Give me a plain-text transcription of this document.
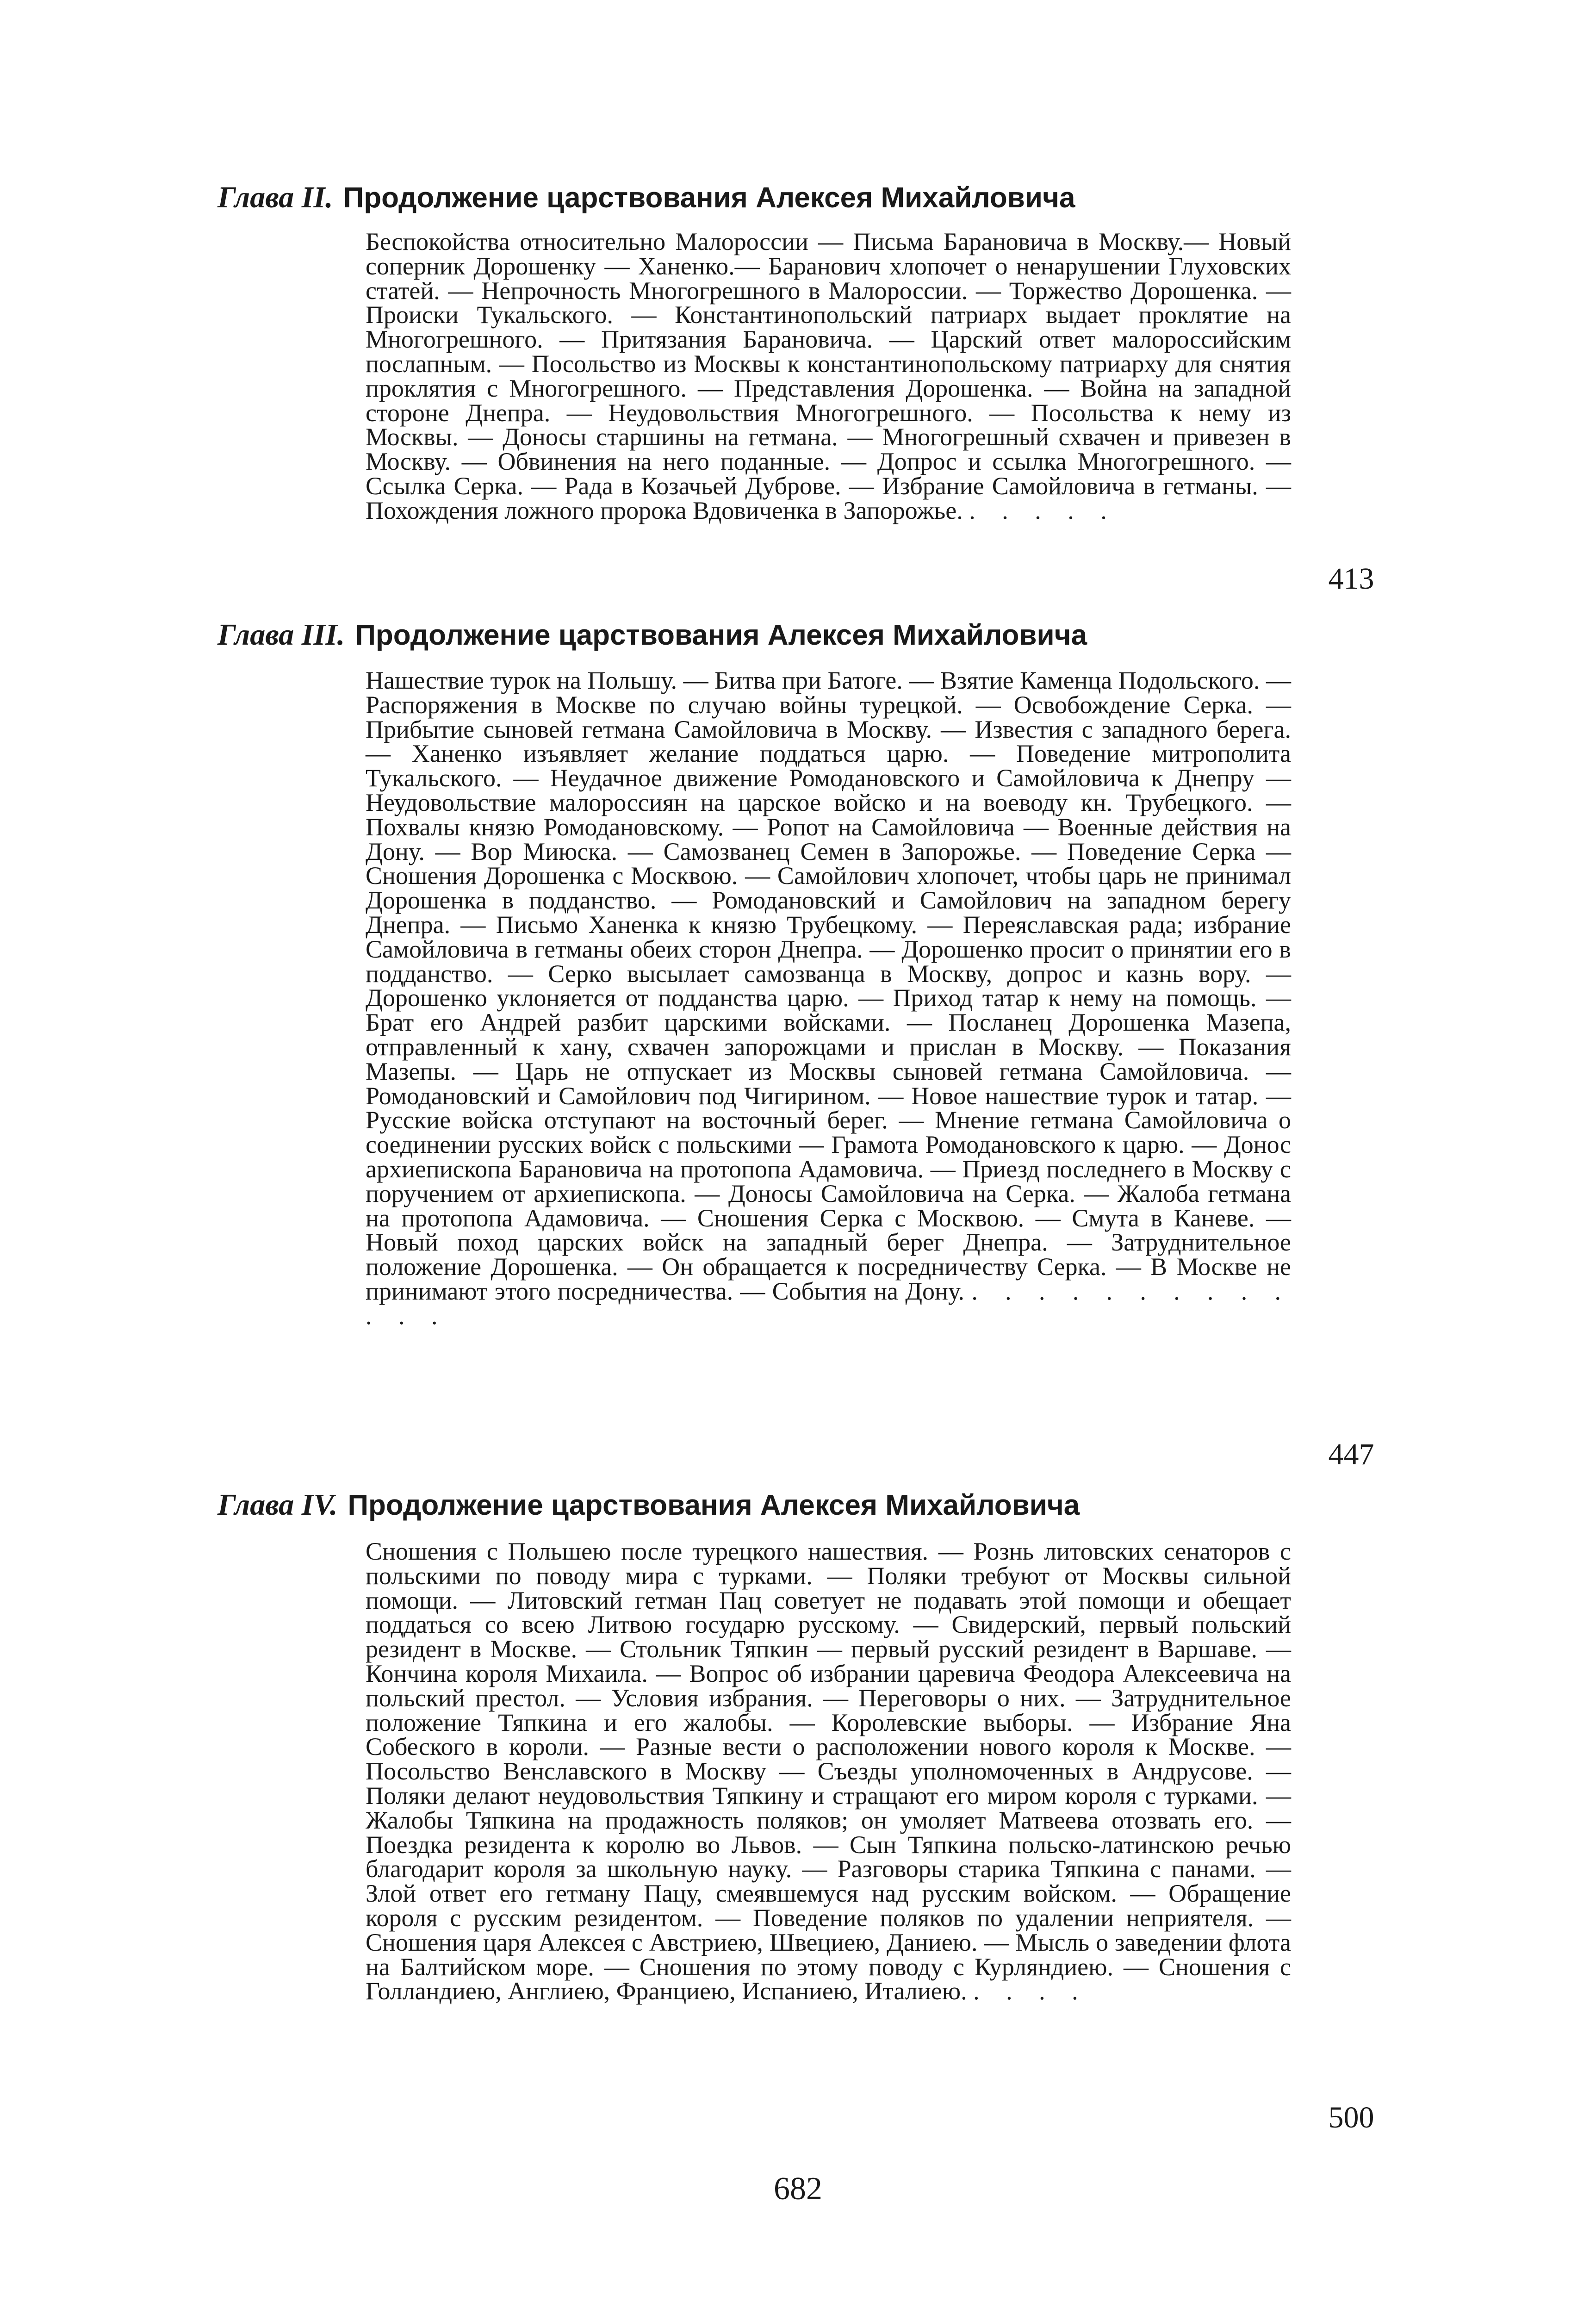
Глава II. Продолжение царствования Алексея Михайловича

Беспокойства относительно Малороссии — Письма Барановича в Москву.— Новый соперник Дорошенку — Ханенко.— Баранович хлопочет о ненарушении Глуховских статей. — Непрочность Многогрешного в Малороссии. — Торжество Дорошенка. — Происки Тукальского. — Константинопольский патриарх выдает проклятие на Многогрешного. — Притязания Барановича. — Царский ответ малороссийским послапным. — Посольство из Москвы к константинопольскому патриарху для снятия проклятия с Многогрешного. — Представления Дорошенка. — Война на западной стороне Днепра. — Неудовольствия Многогрешного. — Посольства к нему из Москвы. — Доносы старшины на гетмана. — Многогрешный схвачен и привезен в Москву. — Обвинения на него поданные. — Допрос и ссылка Многогрешного. — Ссылка Серка. — Рада в Козачьей Дуброве. — Избрание Самойловича в гетманы. — Похождения ложного пророка Вдовиченка в Запорожье. . . . . .

413
Глава III. Продолжение царствования Алексея Михайловича

Нашествие турок на Польшу. — Битва при Батоге. — Взятие Каменца Подольского. — Распоряжения в Москве по случаю войны турецкой. — Освобождение Серка. — Прибытие сыновей гетмана Самойловича в Москву. — Известия с западного берега. — Ханенко изъявляет желание поддаться царю. — Поведение митрополита Тукальского. — Неудачное движение Ромодановского и Самойловича к Днепру — Неудовольствие малороссиян на царское войско и на воеводу кн. Трубецкого. — Похвалы князю Ромодановскому. — Ропот на Самойловича — Военные действия на Дону. — Вор Миюска. — Самозванец Семен в Запорожье. — Поведение Серка — Сношения Дорошенка с Москвою. — Самойлович хлопочет, чтобы царь не принимал Дорошенка в подданство. — Ромодановский и Самойлович на западном берегу Днепра. — Письмо Ханенка к князю Трубецкому. — Переяславская рада; избрание Самойловича в гетманы обеих сторон Днепра. — Дорошенко просит о принятии его в подданство. — Серко высылает самозванца в Москву, допрос и казнь вору. — Дорошенко уклоняется от подданства царю. — Приход татар к нему на помощь. — Брат его Андрей разбит царскими войсками. — Посланец Дорошенка Мазепа, отправленный к хану, схвачен запорожцами и прислан в Москву. — Показания Мазепы. — Царь не отпускает из Москвы сыновей гетмана Самойловича. — Ромодановский и Самойлович под Чигирином. — Новое нашествие турок и татар. — Русские войска отступают на восточный берег. — Мнение гетмана Самойловича о соединении русских войск с польскими — Грамота Ромодановского к царю. — Донос архиепископа Барановича на протопопа Адамовича. — Приезд последнего в Москву с поручением от архиепископа. — Доносы Самойловича на Серка. — Жалоба гетмана на протопопа Адамовича. — Сношения Серка с Москвою. — Смута в Каневе. — Новый поход царских войск на западный берег Днепра. — Затруднительное положение Дорошенка. — Он обращается к посредничеству Серка. — В Москве не принимают этого посредничества. — События на Дону. . . . . . . . . . . . . .

447
Глава IV. Продолжение царствования Алексея Михайловича

Сношения с Польшею после турецкого нашествия. — Рознь литовских сенаторов с польскими по поводу мира с турками. — Поляки требуют от Москвы сильной помощи. — Литовский гетман Пац советует не подавать этой помощи и обещает поддаться со всею Литвою государю русскому. — Свидерский, первый польский резидент в Москве. — Стольник Тяпкин — первый русский резидент в Варшаве. — Кончина короля Михаила. — Вопрос об избрании царевича Феодора Алексеевича на польский престол. — Условия избрания. — Переговоры о них. — Затруднительное положение Тяпкина и его жалобы. — Королевские выборы. — Избрание Яна Собеского в короли. — Разные вести о расположении нового короля к Москве. — Посольство Венславского в Москву — Съезды уполномоченных в Андрусове. — Поляки делают неудовольствия Тяпкину и стращают его миром короля с турками. — Жалобы Тяпкина на продажность поляков; он умоляет Матвеева отозвать его. — Поездка резидента к королю во Львов. — Сын Тяпкина польско-латинскою речью благодарит короля за школьную науку. — Разговоры старика Тяпкина с панами. — Злой ответ его гетману Пацу, смеявшемуся над русским войском. — Обращение короля с русским резидентом. — Поведение поляков по удалении неприятеля. — Сношения царя Алексея с Австриею, Швециею, Даниею. — Мысль о заведении флота на Балтийском море. — Сношения по этому поводу с Курляндиею. — Сношения с Голландиею, Англиею, Франциею, Испаниею, Италиею. . . . .

500
682
